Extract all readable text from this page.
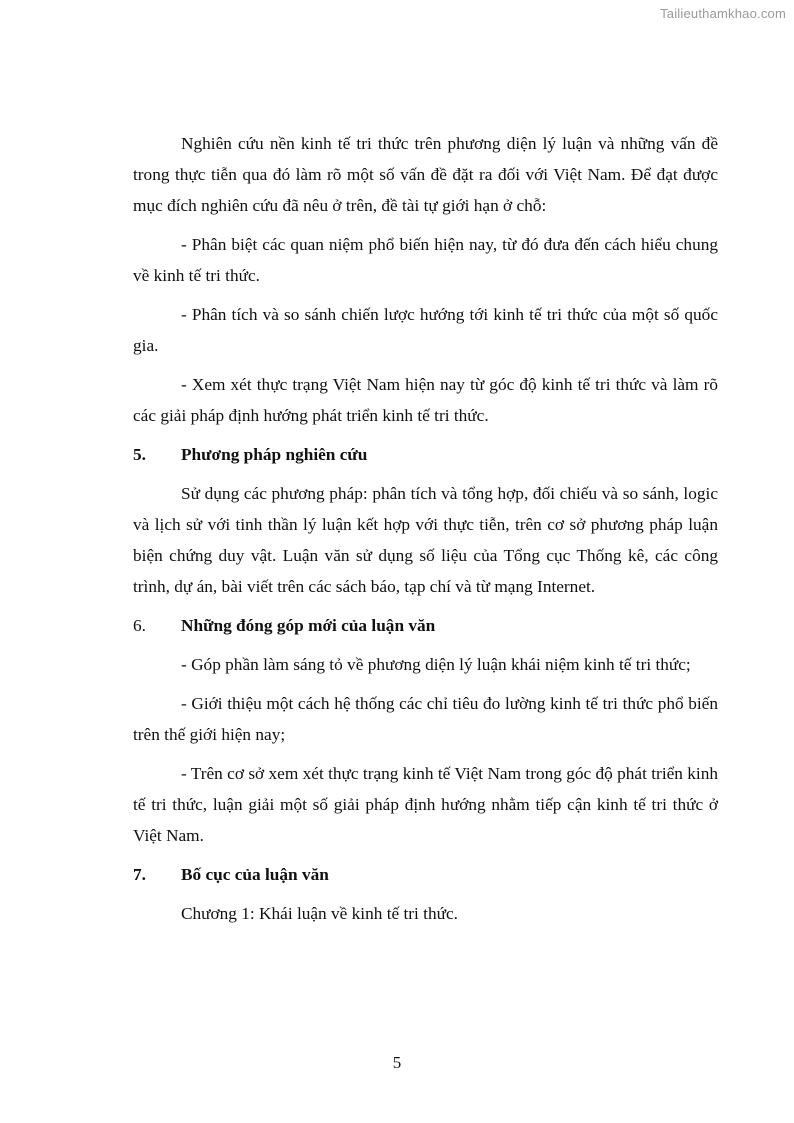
Tailieuthamkhao.com

Nghiên cứu nền kinh tế tri thức trên phương diện lý luận và những vấn đề trong thực tiễn qua đó làm rõ một số vấn đề đặt ra đối với Việt Nam. Để đạt được mục đích nghiên cứu đã nêu ở trên, đề tài tự giới hạn ở chỗ:

- Phân biệt các quan niệm phổ biến hiện nay, từ đó đưa đến cách hiểu chung về kinh tế tri thức.

- Phân tích và so sánh chiến lược hướng tới kinh tế tri thức của một số quốc gia.

- Xem xét thực trạng Việt Nam hiện nay từ góc độ kinh tế tri thức và làm rõ các giải pháp định hướng phát triển kinh tế tri thức.

5.	Phương pháp nghiên cứu

Sử dụng các phương pháp: phân tích và tổng hợp, đối chiếu và so sánh, logic và lịch sử với tinh thần lý luận kết hợp với thực tiễn, trên cơ sở phương pháp luận biện chứng duy vật. Luận văn sử dụng số liệu của Tổng cục Thống kê, các công trình, dự án, bài viết trên các sách báo, tạp chí và từ mạng Internet.

6.	Những đóng góp mới của luận văn

- Góp phần làm sáng tỏ về phương diện lý luận khái niệm kinh tế tri thức;

- Giới thiệu một cách hệ thống các chỉ tiêu đo lường kinh tế tri thức phổ biến trên thế giới hiện nay;

- Trên cơ sở xem xét thực trạng kinh tế Việt Nam trong góc độ phát triển kinh tế tri thức, luận giải một số giải pháp định hướng nhằm tiếp cận kinh tế tri thức ở Việt Nam.

7.	Bố cục của luận văn

Chương 1: Khái luận về kinh tế tri thức.

5
